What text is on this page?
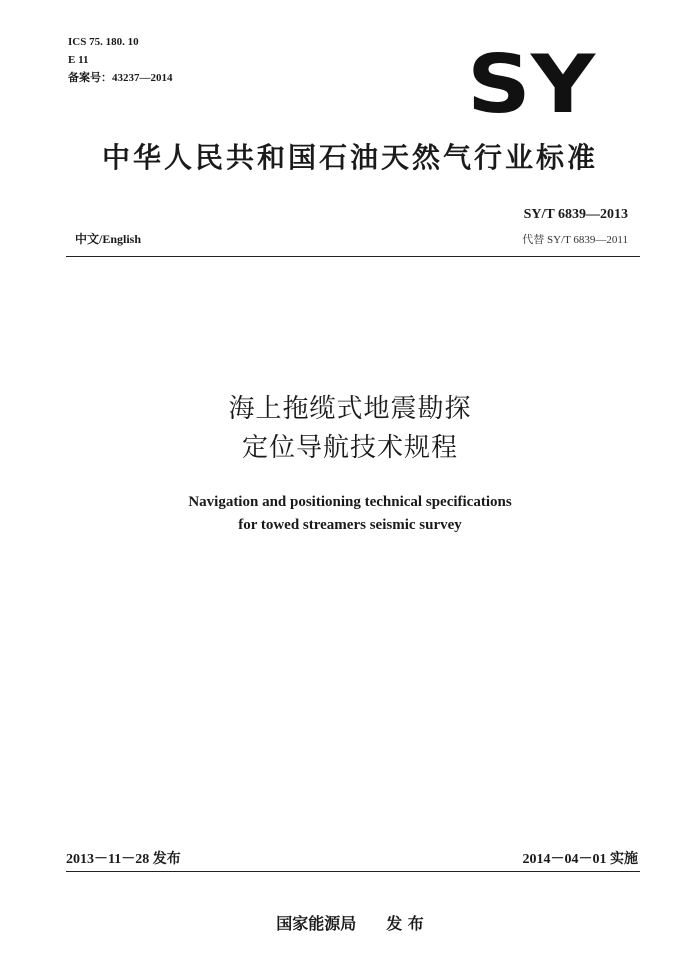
ICS 75. 180. 10
E 11
备案号：43237—2014	SY
中华人民共和国石油天然气行业标准
SY/T 6839—2013
代替 SY/T 6839—2011
中文/English
海上拖缆式地震勘探
定位导航技术规程
Navigation and positioning technical specifications
for towed streamers seismic survey
2013－11－28 发布	2014－04－01 实施
国家能源局 发 布
